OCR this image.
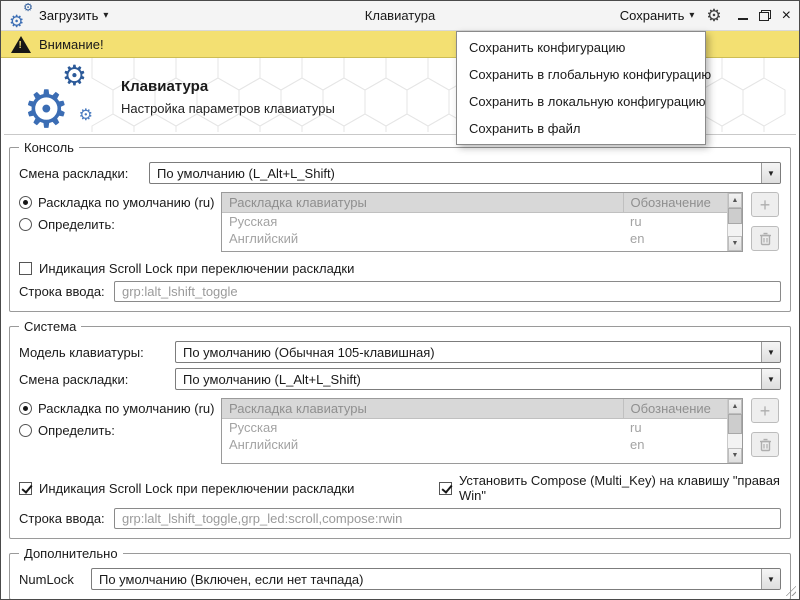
⚙
⚙
Загрузить ▾	Клавиатура	Сохранить ▾ ⚙	×
! Внимание!	Сохранить конфигурацию
Сохранить в глобальную конфигурацию
Сохранить в локальную конфигурацию
Сохранить в файл
⚙
⚙
⚙
Клавиатура
Настройка параметров клавиатуры
Консоль
Смена раскладки:	По умолчанию (L_Alt+L_Shift)	▼
Раскладка по умолчанию (ru)
Определить:
Раскладка клавиатуры	Обозначение
Русская	ru
Английский	en
▲
▼
+
Индикация Scroll Lock при переключении раскладки
Строка ввода:
grp:lalt_lshift_toggle
Система
Модель клавиатуры:	По умолчанию (Обычная 105-клавишная)	▼
Смена раскладки:	По умолчанию (L_Alt+L_Shift)	▼
Раскладка по умолчанию (ru)
Определить:
Раскладка клавиатуры	Обозначение
Русская	ru
Английский	en
▲
▼
+
Индикация Scroll Lock при переключении раскладки	Установить Compose (Multi_Key) на клавишу "правая Win"
Строка ввода:
grp:lalt_lshift_toggle,grp_led:scroll,compose:rwin
Дополнительно
NumLock	По умолчанию (Включен, если нет тачпада)	▼
